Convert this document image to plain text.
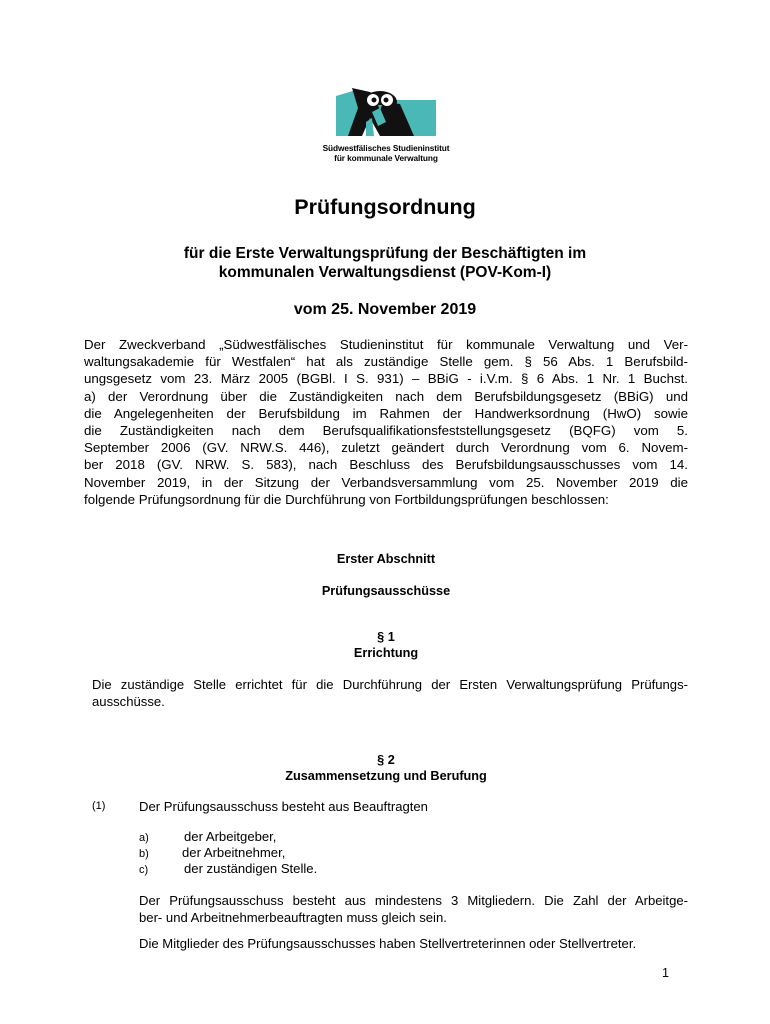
Südwestfälisches Studieninstitut
für kommunale Verwaltung
Prüfungsordnung
für die Erste Verwaltungsprüfung der Beschäftigten im
kommunalen Verwaltungsdienst (POV-Kom-I)
vom 25. November 2019
Der Zweckverband „Südwestfälisches Studieninstitut für kommunale Verwaltung und Ver-
waltungsakademie für Westfalen“ hat als zuständige Stelle gem. § 56 Abs. 1 Berufsbild-
ungsgesetz vom 23. März 2005 (BGBl. I S. 931) – BBiG - i.V.m. § 6 Abs. 1 Nr. 1 Buchst.
a) der Verordnung über die Zuständigkeiten nach dem Berufsbildungsgesetz (BBiG) und
die Angelegenheiten der Berufsbildung im Rahmen der Handwerksordnung (HwO) sowie
die Zuständigkeiten nach dem Berufsqualifikationsfeststellungsgesetz (BQFG) vom 5.
September 2006 (GV. NRW.S. 446), zuletzt geändert durch Verordnung vom 6. Novem-
ber 2018 (GV. NRW. S. 583), nach Beschluss des Berufsbildungsausschusses vom 14.
November 2019, in der Sitzung der Verbandsversammlung vom 25. November 2019 die
folgende Prüfungsordnung für die Durchführung von Fortbildungsprüfungen beschlossen:
Erster Abschnitt
Prüfungsausschüsse
§ 1
Errichtung
Die zuständige Stelle errichtet für die Durchführung der Ersten Verwaltungsprüfung Prüfungs-
ausschüsse.
§ 2
Zusammensetzung und Berufung
(1)	Der Prüfungsausschuss besteht aus Beauftragten
a)	der Arbeitgeber,
b)	der Arbeitnehmer,
c)	der zuständigen Stelle.
Der Prüfungsausschuss besteht aus mindestens 3 Mitgliedern. Die Zahl der Arbeitge-
ber- und Arbeitnehmerbeauftragten muss gleich sein.
Die Mitglieder des Prüfungsausschusses haben Stellvertreterinnen oder Stellvertreter.
1
